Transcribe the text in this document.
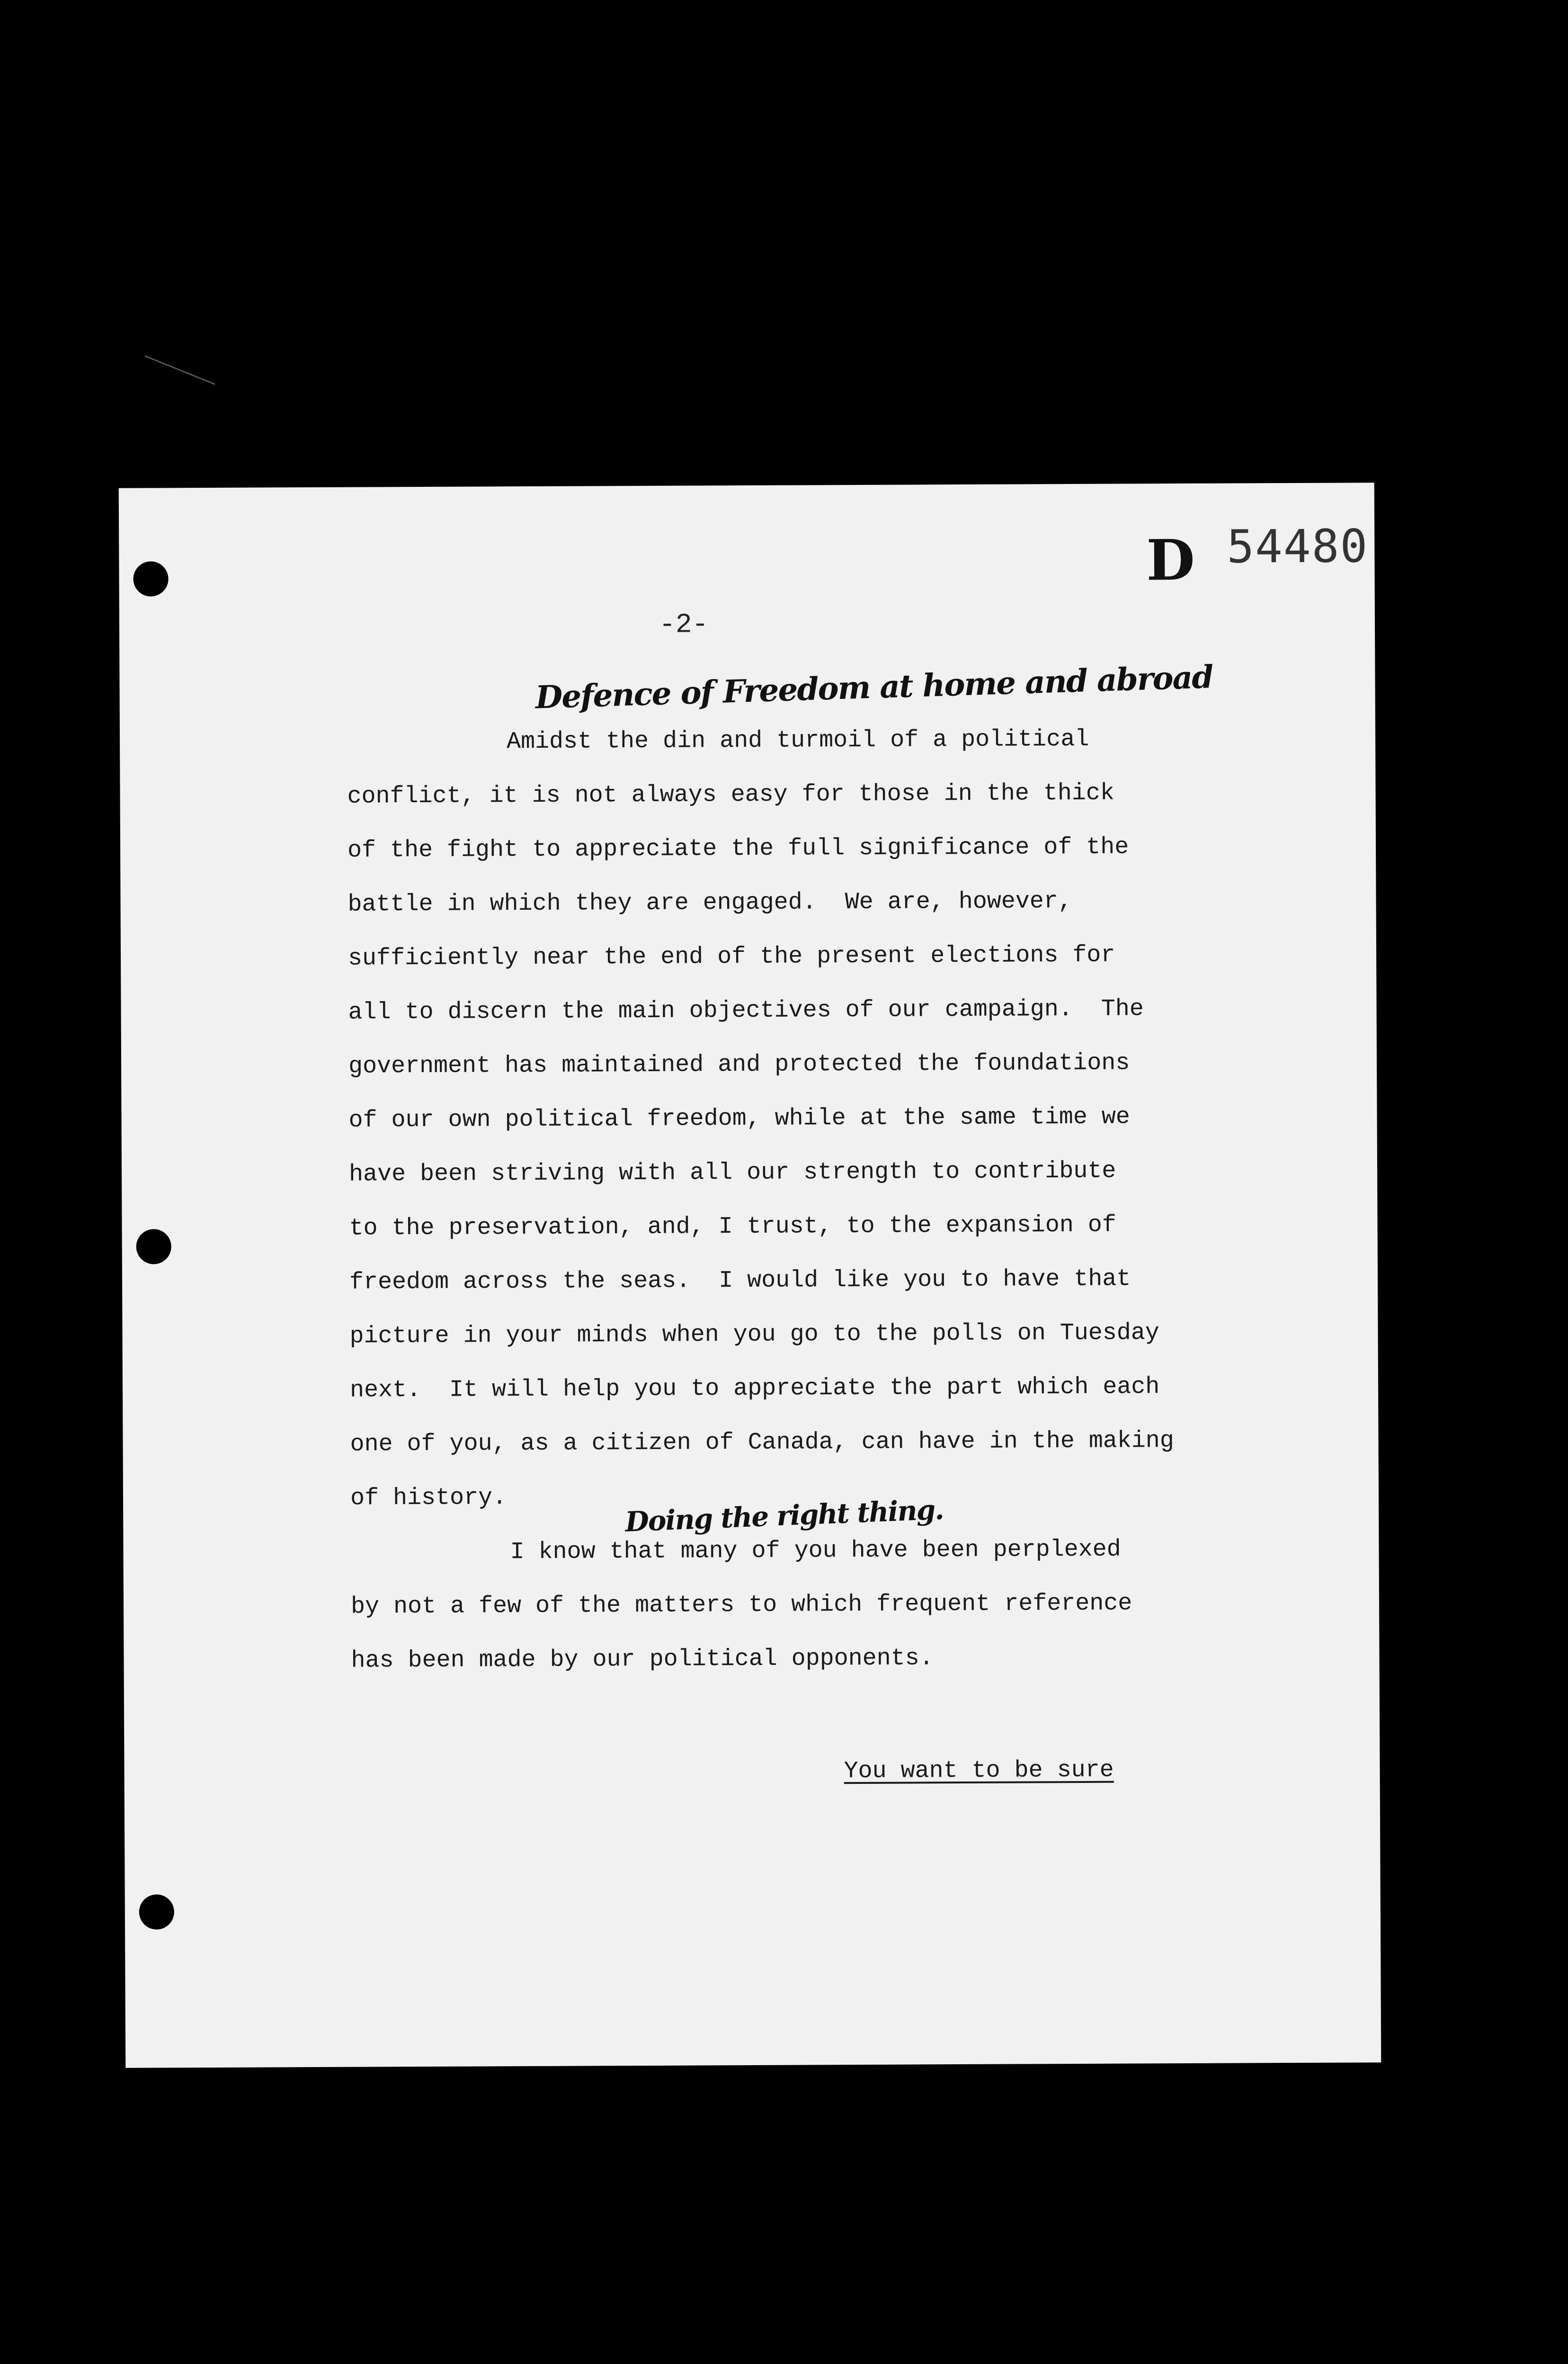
D 54480
-2-
Defence of Freedom at home and abroad
Amidst the din and turmoil of a political
conflict, it is not always easy for those in the thick
of the fight to appreciate the full significance of the
battle in which they are engaged.  We are, however,
sufficiently near the end of the present elections for
all to discern the main objectives of our campaign.  The
government has maintained and protected the foundations
of our own political freedom, while at the same time we
have been striving with all our strength to contribute
to the preservation, and, I trust, to the expansion of
freedom across the seas.  I would like you to have that
picture in your minds when you go to the polls on Tuesday
next.  It will help you to appreciate the part which each
one of you, as a citizen of Canada, can have in the making
of history.	Doing the right thing.
I know that many of you have been perplexed
by not a few of the matters to which frequent reference
has been made by our political opponents.
You want to be sure
